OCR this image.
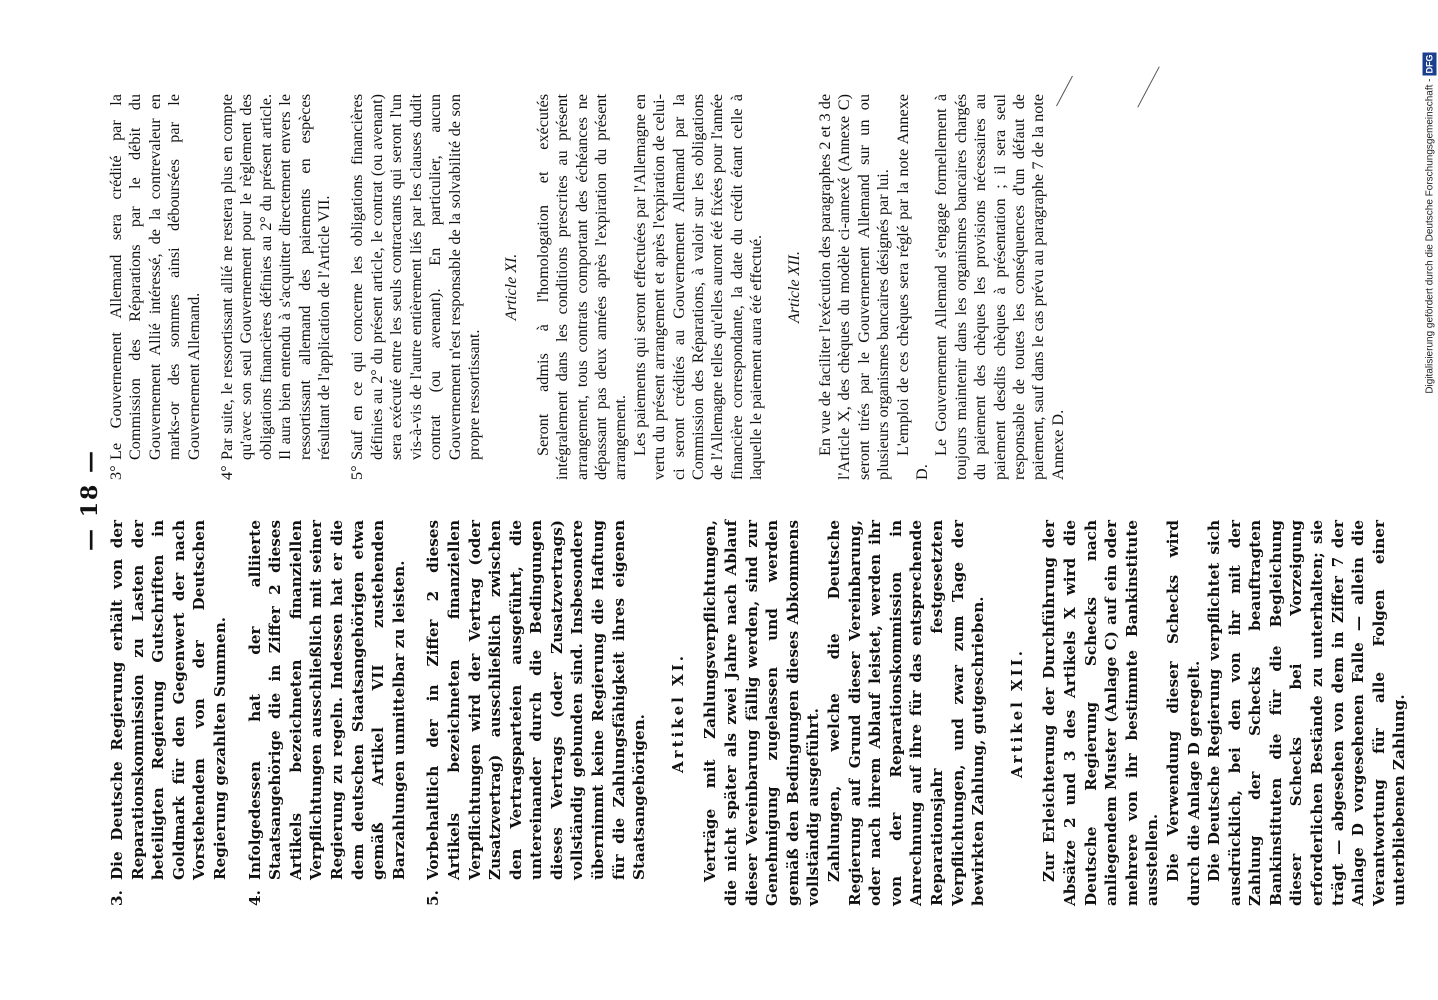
— 18 —
3.
Die Deutsche Regierung erhält von der Reparationskommission zu Lasten der beteiligten Regierung Gutschriften in Goldmark für den Gegenwert der nach Vorstehendem von der Deutschen Regierung gezahlten Summen.
4.
Infolgedessen hat der alliierte Staatsangehörige die in Ziffer 2 dieses Artikels bezeichneten finanziellen Verpflichtungen ausschließlich mit seiner Regierung zu regeln. Indessen hat er die dem deutschen Staatsangehörigen etwa gemäß Artikel VII zustehenden Barzahlungen unmittelbar zu leisten.
5.
Vorbehaltlich der in Ziffer 2 dieses Artikels bezeichneten finanziellen Verpflichtungen wird der Vertrag (oder Zusatzvertrag) ausschließlich zwischen den Vertragsparteien ausgeführt, die untereinander durch die Bedingungen dieses Vertrags (oder Zusatzvertrags) vollständig gebunden sind. Insbesondere übernimmt keine Regierung die Haftung für die Zahlungsfähigkeit ihres eigenen Staatsangehörigen.
Artikel XI. Verträge mit Zahlungsverpflichtungen, die nicht später als zwei Jahre nach Ablauf dieser Vereinbarung fällig werden, sind zur Genehmigung zugelassen und werden gemäß den Bedingungen dieses Abkommens vollständig ausgeführt. Zahlungen, welche die Deutsche Regierung auf Grund dieser Vereinbarung, oder nach ihrem Ablauf leistet, werden ihr von der Reparationskommission in Anrechnung auf ihre für das entsprechende Reparationsjahr festgesetzten Verpflichtungen, und zwar zum Tage der bewirkten Zahlung, gutgeschrieben. Artikel XII. Zur Erleichterung der Durchführung der Absätze 2 und 3 des Artikels X wird die Deutsche Regierung Schecks nach anliegendem Muster (Anlage C) auf ein oder mehrere von ihr bestimmte Bankinstitute ausstellen. Die Verwendung dieser Schecks wird durch die Anlage D geregelt. Die Deutsche Regierung verpflichtet sich ausdrücklich, bei den von ihr mit der Zahlung der Schecks beauftragten Bankinstituten die für die Begleichung dieser Schecks bei Vorzeigung erforderlichen Bestände zu unterhalten; sie trägt — abgesehen von dem in Ziffer 7 der Anlage D vorgesehenen Falle — allein die Verantwortung für alle Folgen einer unterbliebenen Zahlung.

3°
Le Gouvernement Allemand sera crédité par la Commission des Réparations par le débit du Gouvernement Allié intéressé, de la contrevaleur en marks-or des sommes ainsi déboursées par le Gouvernement Allemand.
4°
Par suite, le ressortissant allié ne restera plus en compte qu'avec son seul Gouvernement pour le règlement des obligations financières définies au 2° du présent article. Il aura bien entendu à s'acquitter directement envers le ressortissant allemand des paiements en espèces résultant de l'application de l'Article VII.
5°
Sauf en ce qui concerne les obligations financières définies au 2° du présent article, le contrat (ou avenant) sera exécuté entre les seuls contractants qui seront l'un vis-à-vis de l'autre entièrement liés par les clauses dudit contrat (ou avenant). En particulier, aucun Gouvernement n'est responsable de la solvabilité de son propre ressortissant.
Article XI. Seront admis à l'homologation et exécutés intégralement dans les conditions prescrites au présent arrangement, tous contrats comportant des échéances ne dépassant pas deux années après l'expiration du présent arrangement. Les paiements qui seront effectuées par l'Allemagne en vertu du présent arrangement et après l'expiration de celui-ci seront crédités au Gouvernement Allemand par la Commission des Réparations, à valoir sur les obligations de l'Allemagne telles qu'elles auront été fixées pour l'année financière correspondante, la date du crédit étant celle à laquelle le paiement aura été effectué. Article XII. En vue de faciliter l'exécution des paragraphes 2 et 3 de l'Article X, des chèques du modèle ci-annexé (Annexe C) seront tirés par le Gouvernement Allemand sur un ou plusieurs organismes bancaires désignés par lui. L'emploi de ces chèques sera réglé par la note Annexe D.

Le Gouvernement Allemand s'engage formellement à toujours maintenir dans les organismes bancaires chargés du paiement des chèques les provisions nécessaires au paiement desdits chèques à présentation ; il sera seul responsable de toutes les conséquences d'un défaut de paiement, sauf dans le cas prévu au paragraphe 7 de la note Annexe D.

Digitalisierung gefördert durch die Deutsche Forschungsgemeinschaft -DFG
